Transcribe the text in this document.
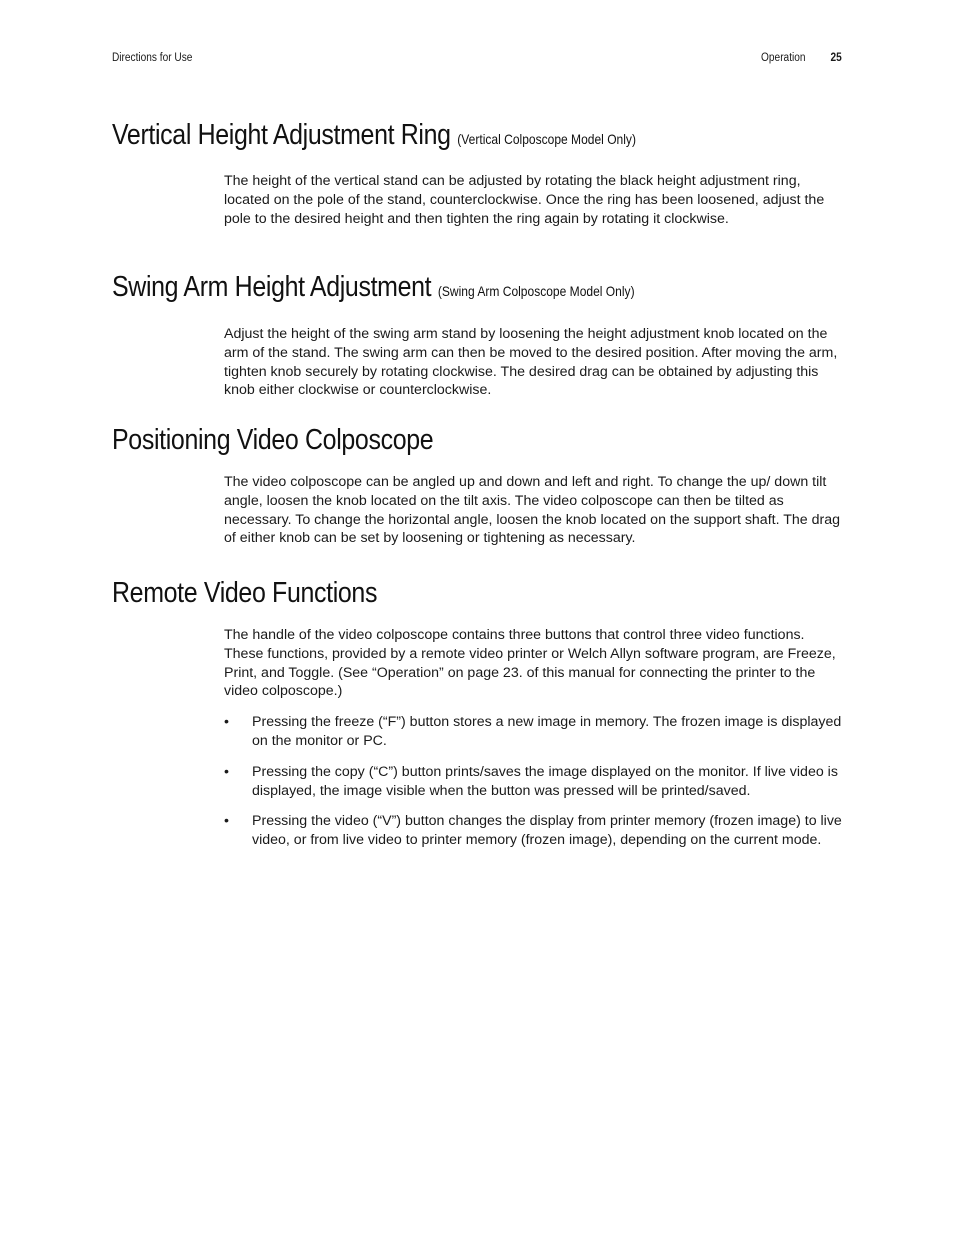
Directions for Use	Operation 25
Vertical Height Adjustment Ring (Vertical Colposcope Model Only)

The height of the vertical stand can be adjusted by rotating the black height adjustment ring, located on the pole of the stand, counterclockwise. Once the ring has been loosened, adjust the pole to the desired height and then tighten the ring again by rotating it clockwise.

Swing Arm Height Adjustment (Swing Arm Colposcope Model Only)

Adjust the height of the swing arm stand by loosening the height adjustment knob located on the arm of the stand. The swing arm can then be moved to the desired position. After moving the arm, tighten knob securely by rotating clockwise. The desired drag can be obtained by adjusting this knob either clockwise or counterclockwise.

Positioning Video Colposcope

The video colposcope can be angled up and down and left and right. To change the up/ down tilt angle, loosen the knob located on the tilt axis. The video colposcope can then be tilted as necessary. To change the horizontal angle, loosen the knob located on the support shaft. The drag of either knob can be set by loosening or tightening as necessary.

Remote Video Functions

The handle of the video colposcope contains three buttons that control three video functions. These functions, provided by a remote video printer or Welch Allyn software program, are Freeze, Print, and Toggle. (See “Operation” on page 23. of this manual for connecting the printer to the video colposcope.)

• Pressing the freeze (“F”) button stores a new image in memory. The frozen image is displayed on the monitor or PC.
• Pressing the copy (“C”) button prints/saves the image displayed on the monitor. If live video is displayed, the image visible when the button was pressed will be printed/saved.
• Pressing the video (“V”) button changes the display from printer memory (frozen image) to live video, or from live video to printer memory (frozen image), depending on the current mode.
